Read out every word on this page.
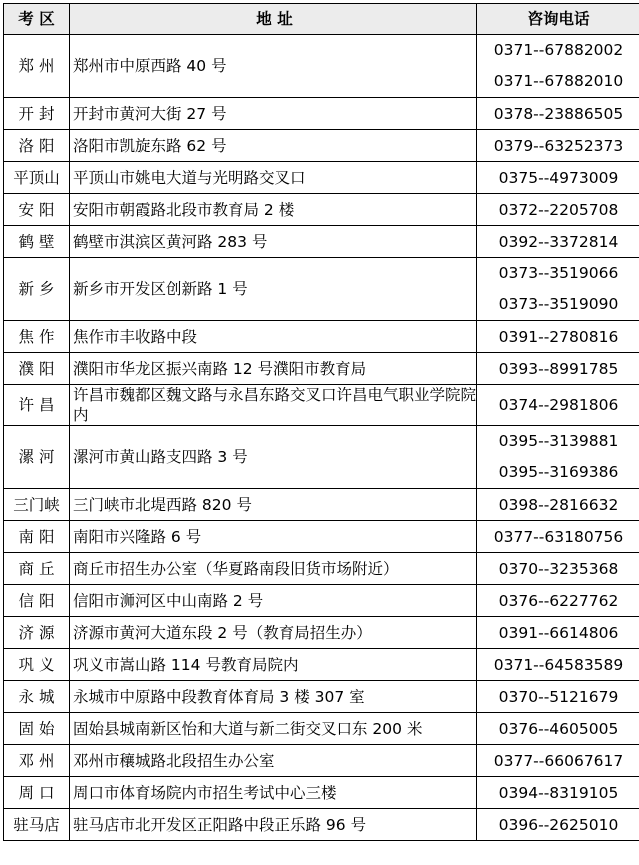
考 区	地 址	咨询电话
郑 州	郑州市中原西路 40 号	0371--67882002
0371--67882010

开 封	开封市黄河大街 27 号	0378--23886505
洛 阳	洛阳市凯旋东路 62 号	0379--63252373
平顶山	平顶山市姚电大道与光明路交叉口	0375--4973009
安 阳	安阳市朝霞路北段市教育局 2 楼	0372--2205708
鹤 壁	鹤壁市淇滨区黄河路 283 号	0392--3372814
新 乡	新乡市开发区创新路 1 号	0373--3519066
0373--3519090

焦 作	焦作市丰收路中段	0391--2780816
濮 阳	濮阳市华龙区振兴南路 12 号濮阳市教育局	0393--8991785
许 昌	许昌市魏都区魏文路与永昌东路交叉口许昌电气职业学院院内	0374--2981806
漯 河	漯河市黄山路支四路 3 号	0395--3139881
0395--3169386

三门峡	三门峡市北堤西路 820 号	0398--2816632
南 阳	南阳市兴隆路 6 号	0377--63180756
商 丘	商丘市招生办公室（华夏路南段旧货市场附近）	0370--3235368
信 阳	信阳市浉河区中山南路 2 号	0376--6227762
济 源	济源市黄河大道东段 2 号（教育局招生办）	0391--6614806
巩 义	巩义市嵩山路 114 号教育局院内	0371--64583589
永 城	永城市中原路中段教育体育局 3 楼 307 室	0370--5121679
固 始	固始县城南新区怡和大道与新二街交叉口东 200 米	0376--4605005
邓 州	邓州市穰城路北段招生办公室	0377--66067617
周 口	周口市体育场院内市招生考试中心三楼	0394--8319105
驻马店	驻马店市北开发区正阳路中段正乐路 96 号	0396--2625010
